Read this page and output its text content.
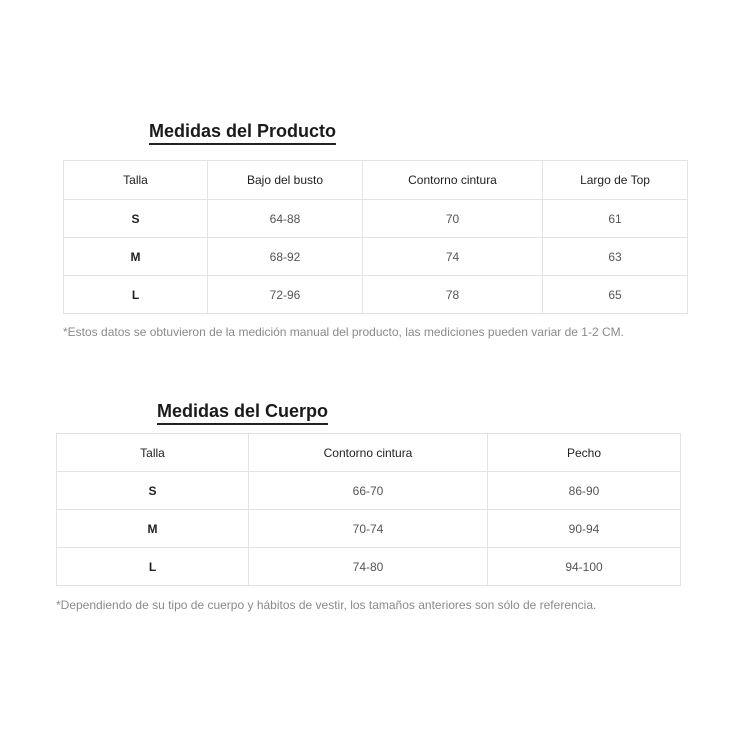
Medidas del Producto
Talla	Bajo del busto	Contorno cintura	Largo de Top
S	64-88	70	61
M	68-92	74	63
L	72-96	78	65

*Estos datos se obtuvieron de la medición manual del producto, las mediciones pueden variar de 1-2 CM.

Medidas del Cuerpo
Talla	Contorno cintura	Pecho
S	66-70	86-90
M	70-74	90-94
L	74-80	94-100

*Dependiendo de su tipo de cuerpo y hábitos de vestir, los tamaños anteriores son sólo de referencia.
